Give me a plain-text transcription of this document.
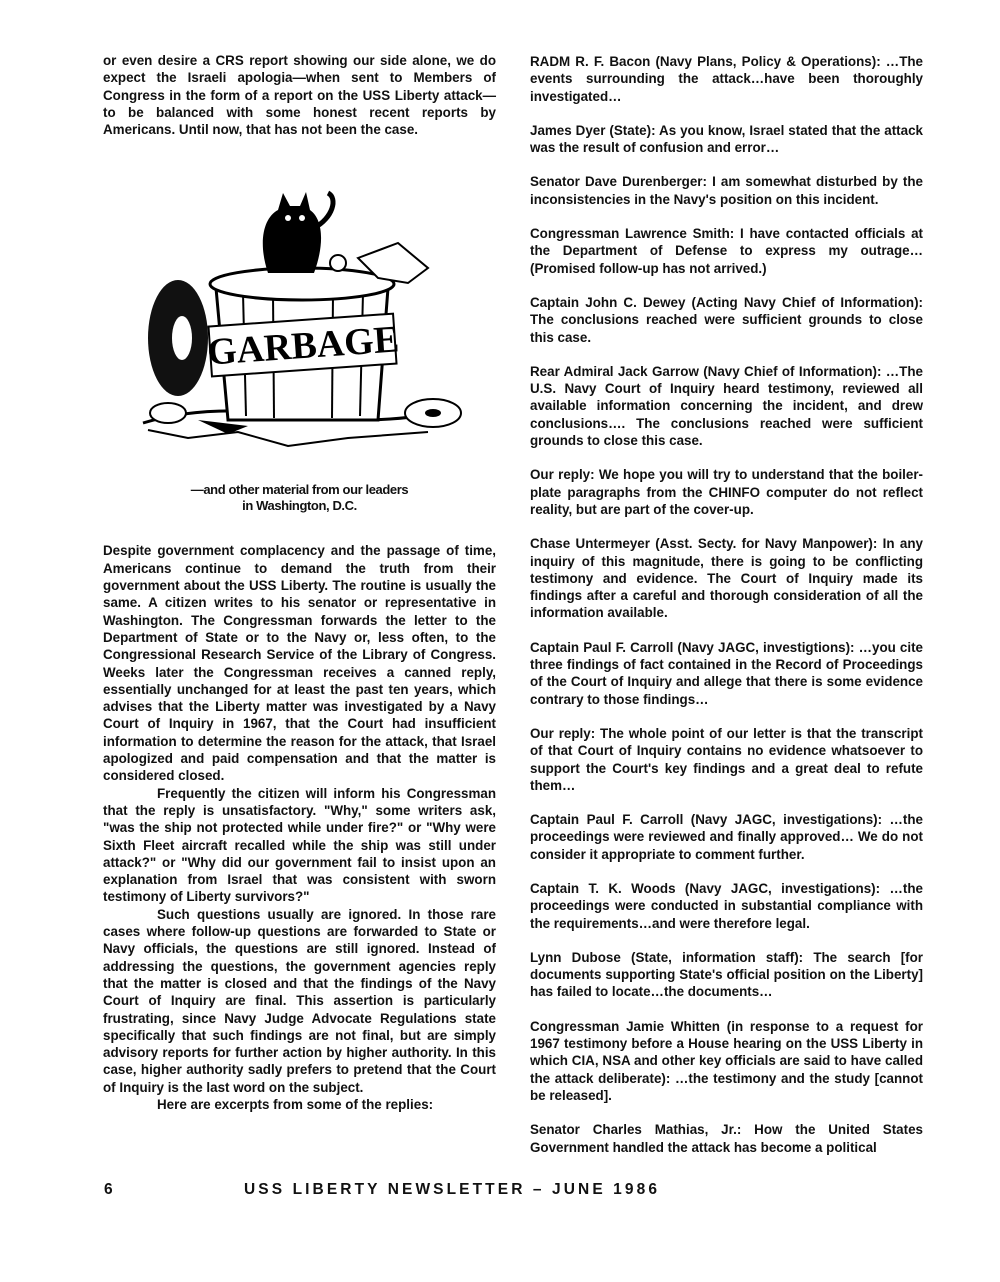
or even desire a CRS report showing our side alone, we do expect the Israeli apologia—when sent to Members of Congress in the form of a report on the USS Liberty attack—to be balanced with some honest recent reports by Americans. Until now, that has not been the case.

GARBAGE
—and other material from our leaders
in Washington, D.C.

Despite government complacency and the passage of time, Americans continue to demand the truth from their government about the USS Liberty. The routine is usually the same. A citizen writes to his senator or representative in Washington. The Congressman forwards the letter to the Department of State or to the Navy or, less often, to the Congressional Research Service of the Library of Congress. Weeks later the Congressman receives a canned reply, essentially unchanged for at least the past ten years, which advises that the Liberty matter was investigated by a Navy Court of Inquiry in 1967, that the Court had insufficient information to determine the reason for the attack, that Israel apologized and paid compensation and that the matter is considered closed.

Frequently the citizen will inform his Congressman that the reply is unsatisfactory. "Why," some writers ask, "was the ship not protected while under fire?" or "Why were Sixth Fleet aircraft recalled while the ship was still under attack?" or "Why did our government fail to insist upon an explanation from Israel that was consistent with sworn testimony of Liberty survivors?"

Such questions usually are ignored. In those rare cases where follow-up questions are forwarded to State or Navy officials, the questions are still ignored. Instead of addressing the questions, the government agencies reply that the matter is closed and that the findings of the Navy Court of Inquiry are final. This assertion is particularly frustrating, since Navy Judge Advocate Regulations state specifically that such findings are not final, but are simply advisory reports for further action by higher authority. In this case, higher authority sadly prefers to pretend that the Court of Inquiry is the last word on the subject.

Here are excerpts from some of the replies:

RADM R. F. Bacon (Navy Plans, Policy & Operations): …The events surrounding the attack…have been thoroughly investigated…

James Dyer (State): As you know, Israel stated that the attack was the result of confusion and error…

Senator Dave Durenberger: I am somewhat disturbed by the inconsistencies in the Navy's position on this incident.

Congressman Lawrence Smith: I have contacted officials at the Department of Defense to express my outrage… (Promised follow-up has not arrived.)

Captain John C. Dewey (Acting Navy Chief of Information): The conclusions reached were sufficient grounds to close this case.

Rear Admiral Jack Garrow (Navy Chief of Information): …The U.S. Navy Court of Inquiry heard testimony, reviewed all available information concerning the incident, and drew conclusions…. The conclusions reached were sufficient grounds to close this case.

Our reply: We hope you will try to understand that the boiler-plate paragraphs from the CHINFO computer do not reflect reality, but are part of the cover-up.

Chase Untermeyer (Asst. Secty. for Navy Manpower): In any inquiry of this magnitude, there is going to be conflicting testimony and evidence. The Court of Inquiry made its findings after a careful and thorough consideration of all the information available.

Captain Paul F. Carroll (Navy JAGC, investigtions): …you cite three findings of fact contained in the Record of Proceedings of the Court of Inquiry and allege that there is some evidence contrary to those findings…

Our reply: The whole point of our letter is that the transcript of that Court of Inquiry contains no evidence whatsoever to support the Court's key findings and a great deal to refute them…

Captain Paul F. Carroll (Navy JAGC, investigations): …the proceedings were reviewed and finally approved… We do not consider it appropriate to comment further.

Captain T. K. Woods (Navy JAGC, investigations): …the proceedings were conducted in substantial compliance with the requirements…and were therefore legal.

Lynn Dubose (State, information staff): The search [for documents supporting State's official position on the Liberty] has failed to locate…the documents…

Congressman Jamie Whitten (in response to a request for 1967 testimony before a House hearing on the USS Liberty in which CIA, NSA and other key officials are said to have called the attack deliberate): …the testimony and the study [cannot be released].

Senator Charles Mathias, Jr.: How the United States Government handled the attack has become a political

6	USS LIBERTY NEWSLETTER – JUNE 1986
